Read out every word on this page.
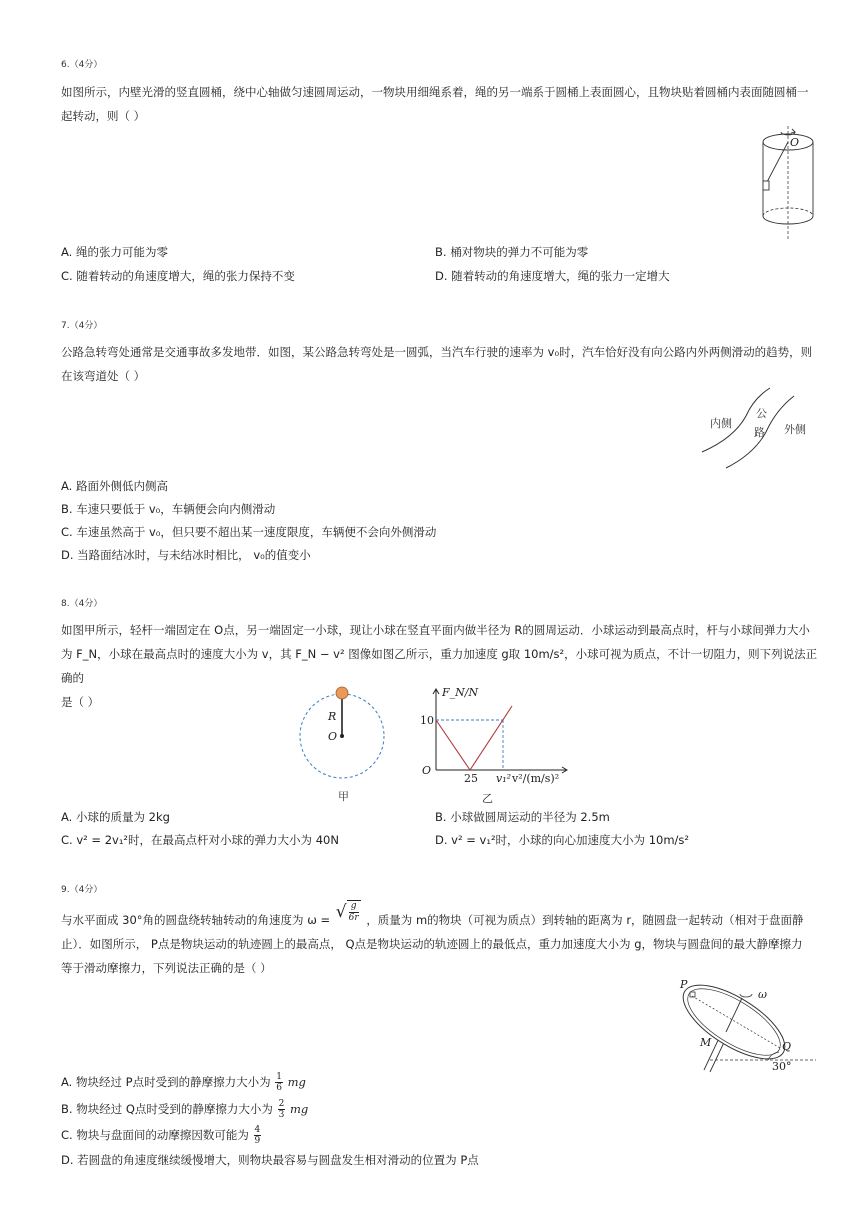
6.（4分）
如图所示，内壁光滑的竖直圆桶，绕中心轴做匀速圆周运动，一物块用细绳系着，绳的另一端系于圆桶上表面圆心，且物块贴着圆桶内表面随圆桶一
起转动，则（ ）
O
A. 绳的张力可能为零	B. 桶对物块的弹力不可能为零
C. 随着转动的角速度增大，绳的张力保持不变	D. 随着转动的角速度增大，绳的张力一定增大
7.（4分）
公路急转弯处通常是交通事故多发地带．如图，某公路急转弯处是一圆弧，当汽车行驶的速率为 v₀时，汽车恰好没有向公路内外两侧滑动的趋势，则
在该弯道处（ ）
内侧
公
路 外侧
A. 路面外侧低内侧高
B. 车速只要低于 v₀，车辆便会向内侧滑动
C. 车速虽然高于 v₀，但只要不超出某一速度限度，车辆便不会向外侧滑动
D. 当路面结冰时，与未结冰时相比， v₀的值变小
8.（4分）
如图甲所示，轻杆一端固定在 O点，另一端固定一小球，现让小球在竖直平面内做半径为 R的圆周运动．小球运动到最高点时，杆与小球间弹力大小
为 F_N，小球在最高点时的速度大小为 v，其 F_N − v² 图像如图乙所示，重力加速度 g取 10m/s²，小球可视为质点，不计一切阻力，则下列说法正确的
是（ ）
R
O
甲
F_N/N
10
O
25 v₁² v²/(m/s)²
乙
A. 小球的质量为 2kg	B. 小球做圆周运动的半径为 2.5m
C. v² = 2v₁²时，在最高点杆对小球的弹力大小为 40N	D. v² = v₁²时，小球的向心加速度大小为 10m/s²
9.（4分）
与水平面成 30°角的圆盘绕转轴转动的角速度为 ω = √ $\frac{g}{6r}$ ，质量为 m的物块（可视为质点）到转轴的距离为 r，随圆盘一起转动（相对于盘面静
止）．如图所示， P点是物块运动的轨迹圆上的最高点， Q点是物块运动的轨迹圆上的最低点，重力加速度大小为 g，物块与圆盘间的最大静摩擦力
等于滑动摩擦力，下列说法正确的是（ ）
P
ω
M	Q
30°
A. 物块经过 P点时受到的静摩擦力大小为 $\frac{1}{6}$ mg
B. 物块经过 Q点时受到的静摩擦力大小为 $\frac{2}{3}$ mg
C. 物块与盘面间的动摩擦因数可能为 $\frac{4}{9}$
D. 若圆盘的角速度继续缓慢增大，则物块最容易与圆盘发生相对滑动的位置为 P点
